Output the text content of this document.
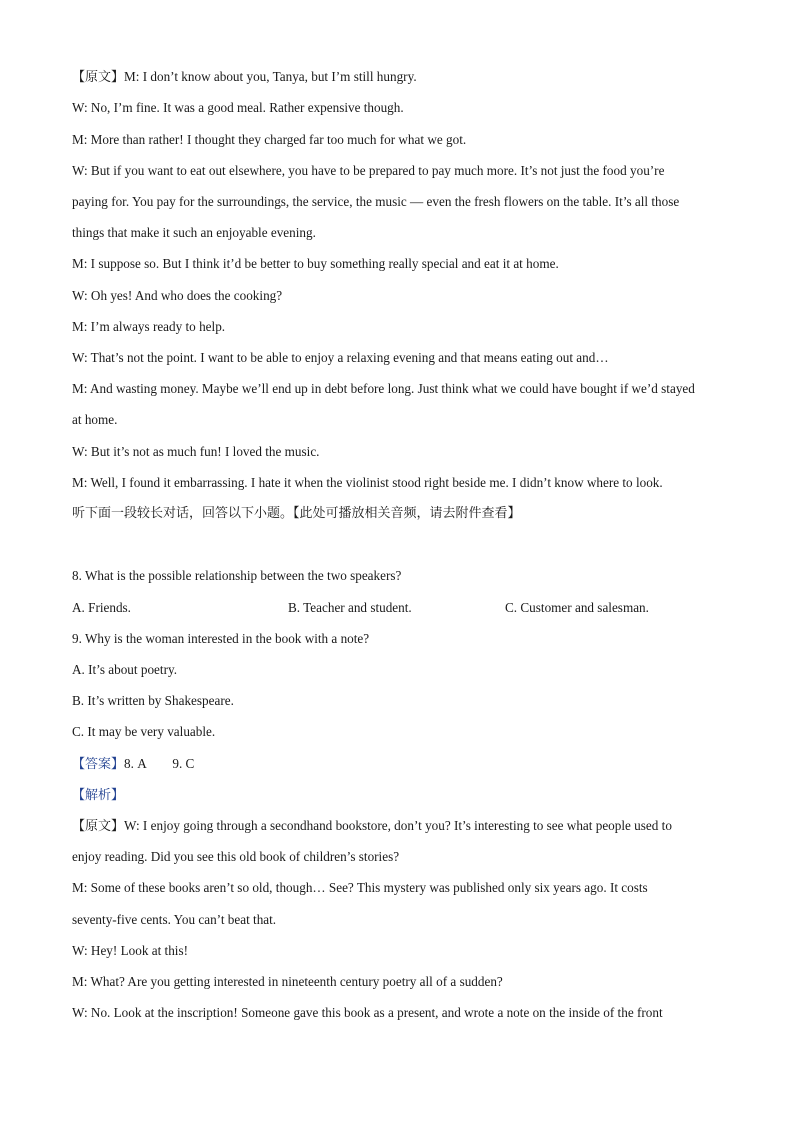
【原文】M: I don’t know about you, Tanya, but I’m still hungry.
W: No, I’m fine. It was a good meal. Rather expensive though.
M: More than rather! I thought they charged far too much for what we got.
W: But if you want to eat out elsewhere, you have to be prepared to pay much more. It’s not just the food you’re
paying for. You pay for the surroundings, the service, the music — even the fresh flowers on the table. It’s all those
things that make it such an enjoyable evening.
M: I suppose so. But I think it’d be better to buy something really special and eat it at home.
W: Oh yes! And who does the cooking?
M: I’m always ready to help.
W: That’s not the point. I want to be able to enjoy a relaxing evening and that means eating out and…
M: And wasting money. Maybe we’ll end up in debt before long. Just think what we could have bought if we’d stayed
at home.
W: But it’s not as much fun! I loved the music.
M: Well, I found it embarrassing. I hate it when the violinist stood right beside me. I didn’t know where to look.
听下面一段较长对话，回答以下小题。【此处可播放相关音频，请去附件查看】
8. What is the possible relationship between the two speakers?
A. Friends.	B. Teacher and student.	C. Customer and salesman.
9. Why is the woman interested in the book with a note?
A. It’s about poetry.
B. It’s written by Shakespeare.
C. It may be very valuable.
【答案】8. A        9. C
【解析】
【原文】W: I enjoy going through a secondhand bookstore, don’t you? It’s interesting to see what people used to
enjoy reading. Did you see this old book of children’s stories?
M: Some of these books aren’t so old, though… See? This mystery was published only six years ago. It costs
seventy-five cents. You can’t beat that.
W: Hey! Look at this!
M: What? Are you getting interested in nineteenth century poetry all of a sudden?
W: No. Look at the inscription! Someone gave this book as a present, and wrote a note on the inside of the front
